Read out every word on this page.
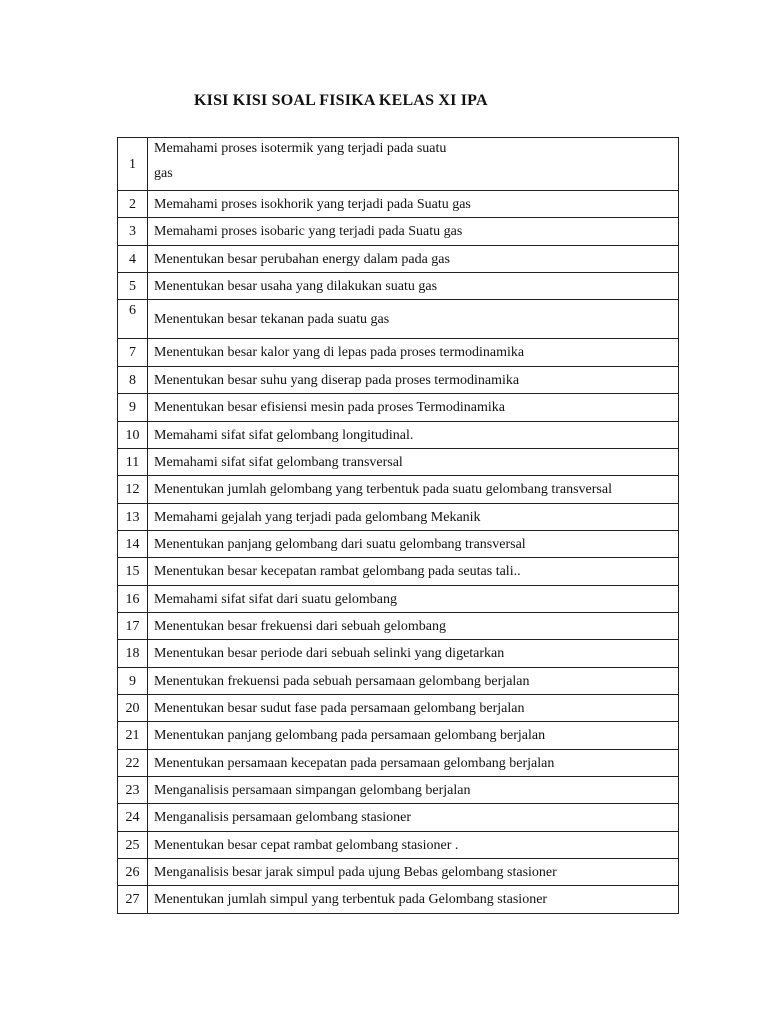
KISI KISI SOAL FISIKA KELAS XI IPA
1	Memahami proses isotermik yang terjadi pada suatu
gas

2	Memahami proses isokhorik yang terjadi pada Suatu gas

3	Memahami proses isobaric yang terjadi pada Suatu gas

4	Menentukan besar perubahan energy dalam pada gas

5	Menentukan besar usaha yang dilakukan suatu gas

6	Menentukan besar tekanan pada suatu gas

7	Menentukan besar kalor yang di lepas pada proses termodinamika

8	Menentukan besar suhu yang diserap pada proses termodinamika

9	Menentukan besar efisiensi mesin pada proses Termodinamika

10	Memahami sifat sifat gelombang longitudinal.

11	Memahami sifat sifat gelombang transversal

12	Menentukan jumlah gelombang yang terbentuk pada suatu gelombang transversal

13	Memahami gejalah yang terjadi pada gelombang Mekanik

14	Menentukan panjang gelombang dari suatu gelombang transversal

15	Menentukan besar kecepatan rambat gelombang pada seutas tali..

16	Memahami sifat sifat dari suatu gelombang

17	Menentukan besar frekuensi dari sebuah gelombang

18	Menentukan besar periode dari sebuah selinki yang digetarkan

9	Menentukan frekuensi pada sebuah persamaan gelombang berjalan

20	Menentukan besar sudut fase pada persamaan gelombang berjalan

21	Menentukan panjang gelombang pada persamaan gelombang berjalan

22	Menentukan persamaan kecepatan pada persamaan gelombang berjalan

23	Menganalisis persamaan simpangan gelombang berjalan

24	Menganalisis persamaan gelombang stasioner

25	Menentukan besar cepat rambat gelombang stasioner .

26	Menganalisis besar jarak simpul pada ujung Bebas gelombang stasioner

27	Menentukan jumlah simpul yang terbentuk pada Gelombang stasioner
